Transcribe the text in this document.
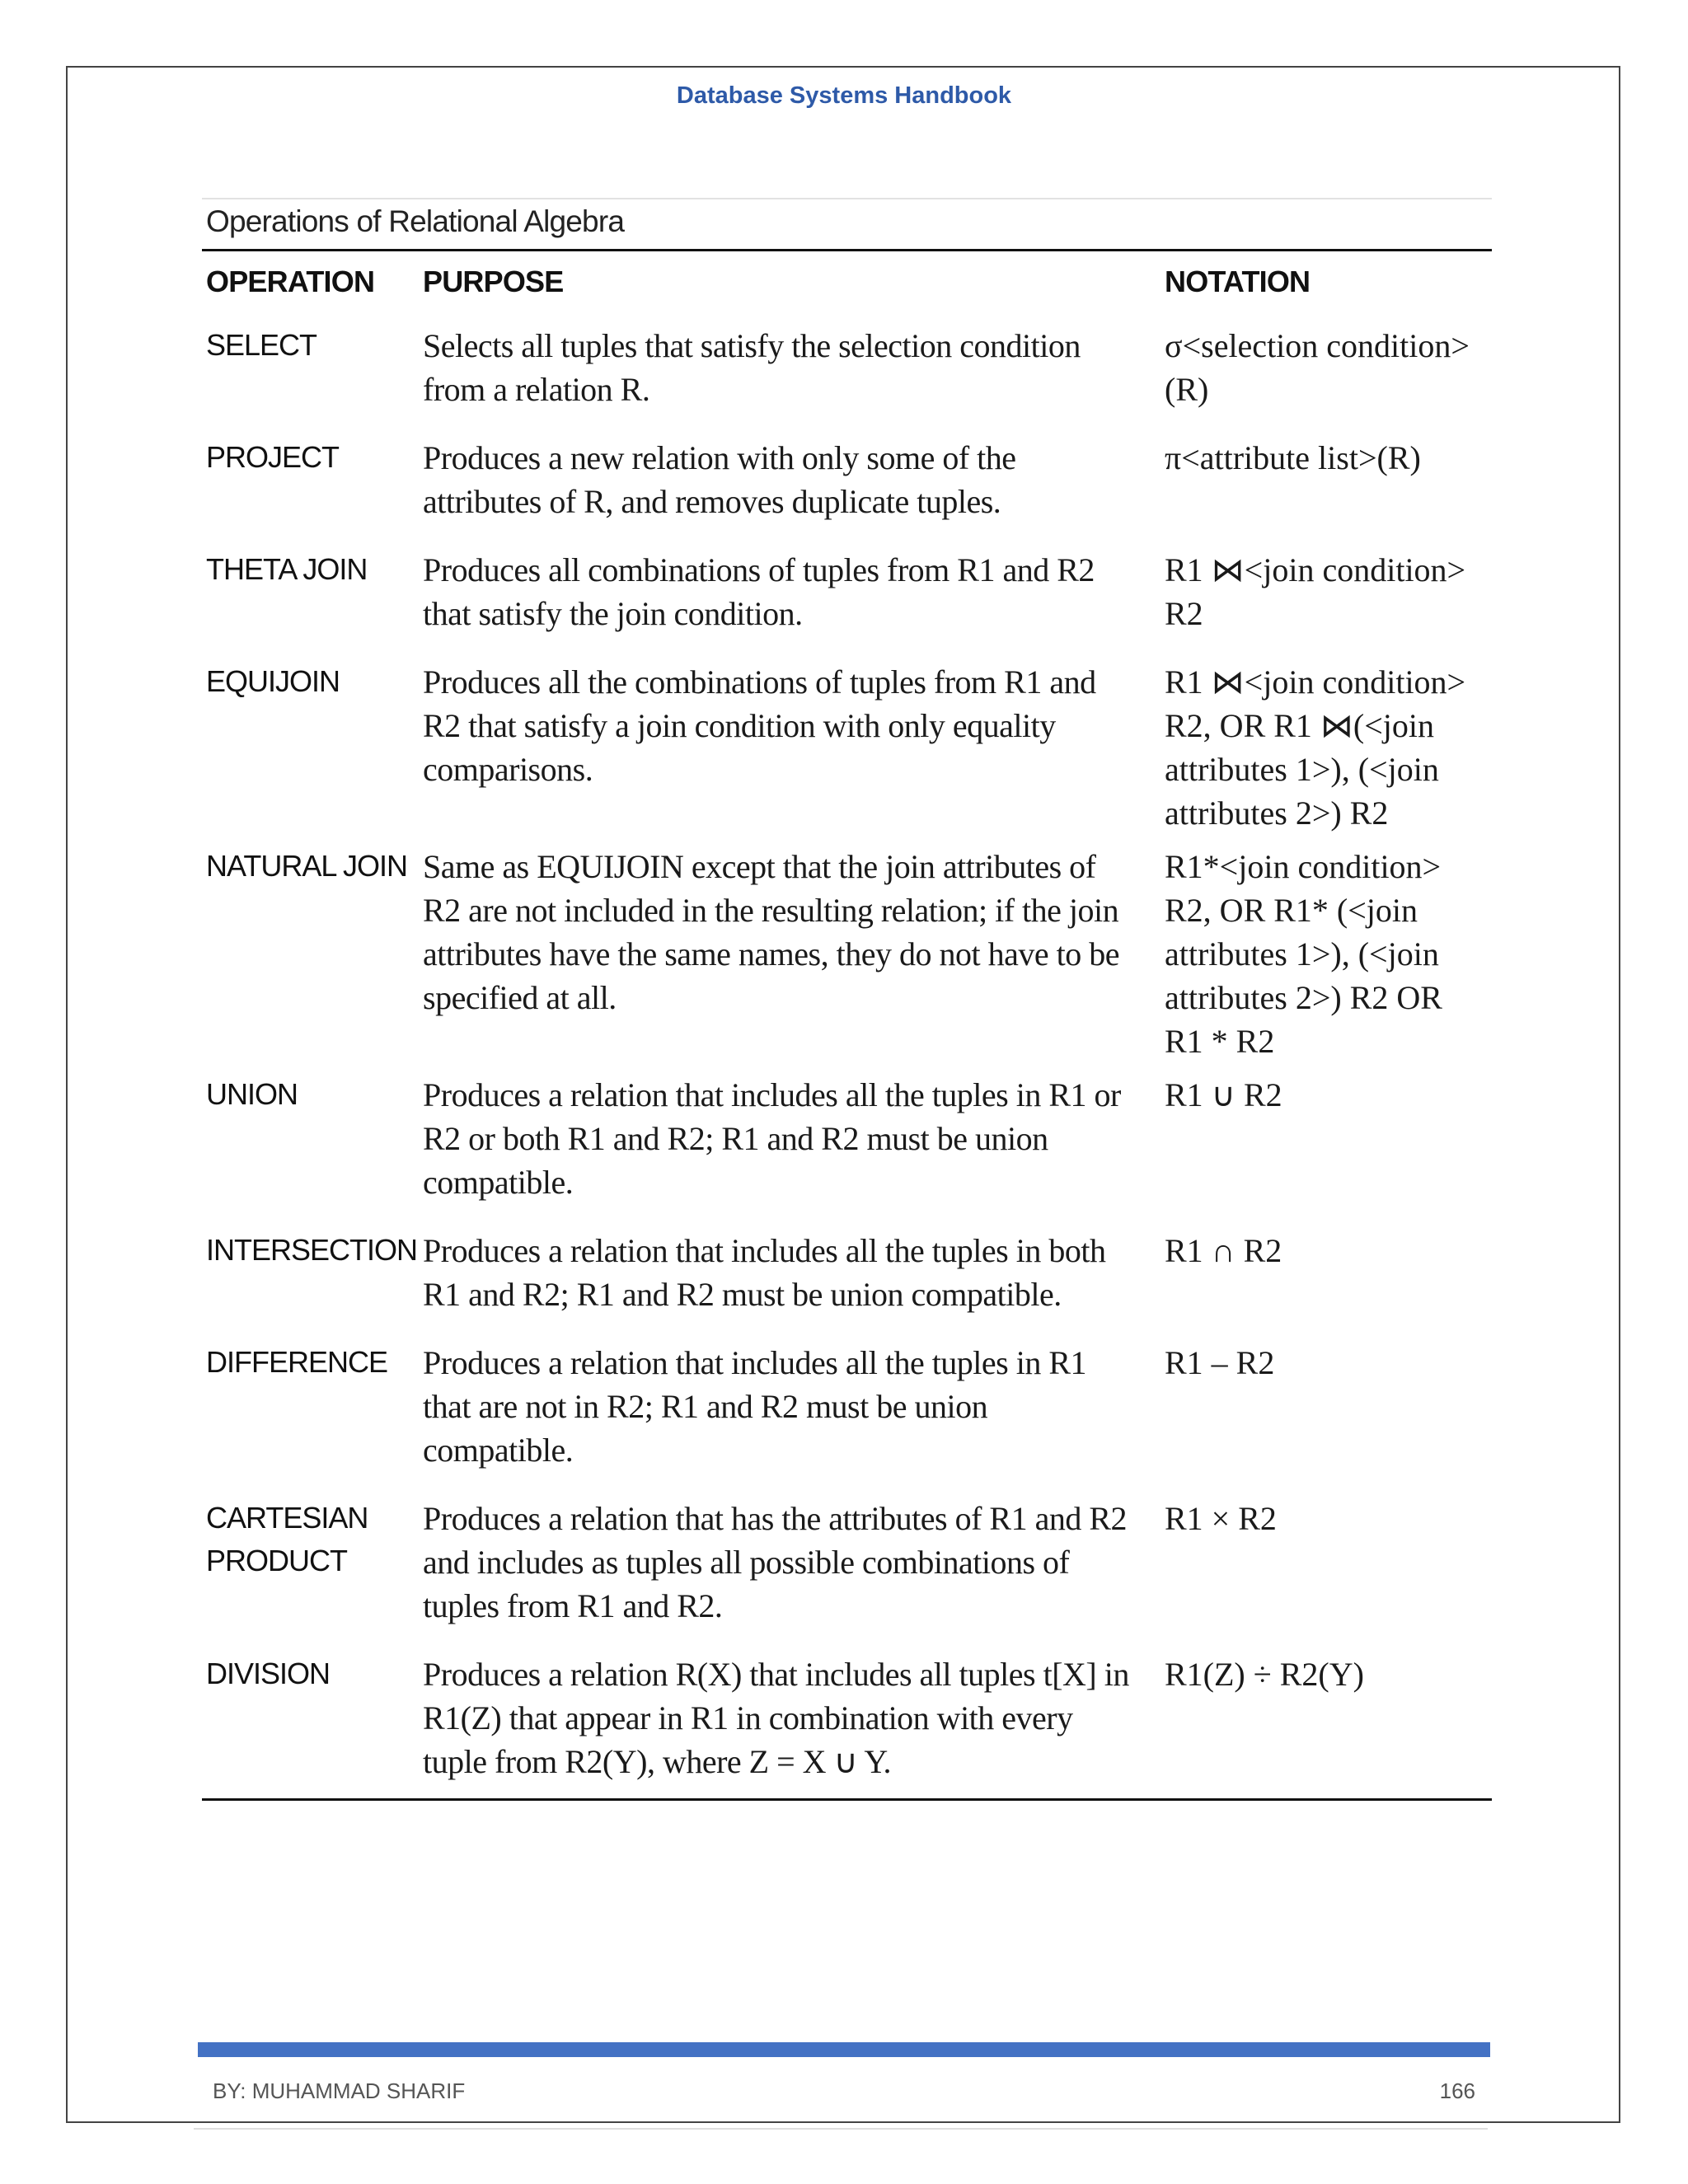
Database Systems Handbook
Operations of Relational Algebra
OPERATION	PURPOSE	NOTATION
SELECT	Selects all tuples that satisfy the selection condition from a relation R.	σ<selection condition>(R)
PROJECT	Produces a new relation with only some of the attributes of R, and removes duplicate tuples.	π<attribute list>(R)
THETA JOIN	Produces all combinations of tuples from R1 and R2 that satisfy the join condition.	R1 ⋈<join condition> R2
EQUIJOIN	Produces all the combinations of tuples from R1 and R2 that satisfy a join condition with only equality comparisons.	R1 ⋈<join condition> R2, OR R1 ⋈(<join attributes 1>), (<join attributes 2>) R2
NATURAL JOIN	Same as EQUIJOIN except that the join attributes of R2 are not included in the resulting relation; if the join attributes have the same names, they do not have to be specified at all.	R1*<join condition> R2, OR R1* (<join attributes 1>), (<join attributes 2>) R2 OR R1 * R2
UNION	Produces a relation that includes all the tuples in R1 or R2 or both R1 and R2; R1 and R2 must be union compatible.	R1 ∪ R2
INTERSECTION	Produces a relation that includes all the tuples in both R1 and R2; R1 and R2 must be union compatible.	R1 ∩ R2
DIFFERENCE	Produces a relation that includes all the tuples in R1 that are not in R2; R1 and R2 must be union compatible.	R1 – R2
CARTESIAN PRODUCT	Produces a relation that has the attributes of R1 and R2 and includes as tuples all possible combinations of tuples from R1 and R2.	R1 × R2
DIVISION	Produces a relation R(X) that includes all tuples t[X] in R1(Z) that appear in R1 in combination with every tuple from R2(Y), where Z = X ∪ Y.	R1(Z) ÷ R2(Y)
BY: MUHAMMAD SHARIF	166
